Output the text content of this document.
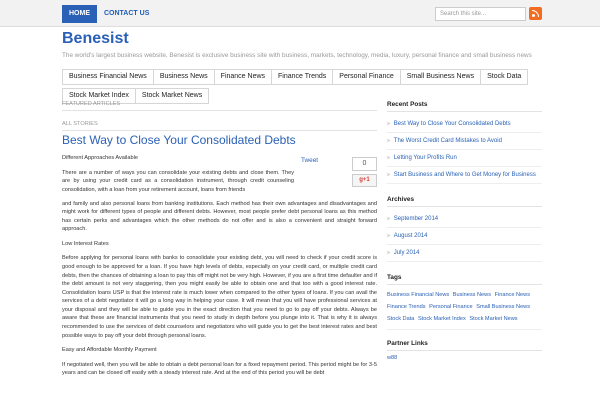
HOME	CONTACT US	Search this site...
Benesist
The world's largest business website, Benesist is exclusive business site with business, markets, technology, media, luxury, personal finance and small business news
Business Financial News	Business News	Finance News	Finance Trends	Personal Finance	Small Business News	Stock Data
Stock Market Index	Stock Market News
FEATURED ARTICLES
ALL STORIES
Best Way to Close Your Consolidated Debts
Tweet	0
g+1

Different Approaches Available

There are a number of ways you can consolidate your existing debts and close them. They are by using your credit card as a consolidation instrument, through credit counseling consolidation, with a loan from your retirement account, loans from friends

and family and also personal loans from banking institutions. Each method has their own advantages and disadvantages and might work for different types of people and different debts. However, most people prefer debt personal loans as this method has certain perks and advantages which the other methods do not offer and is also a convenient and straight forward approach.

Low Interest Rates

Before applying for personal loans with banks to consolidate your existing debt, you will need to check if your credit score is good enough to be approved for a loan. If you have high levels of debts, especially on your credit card, or multiple credit card debts, then the chances of obtaining a loan to pay this off might not be very high. However, if you are a first time defaulter and if the debt amount is not very staggering, then you might easily be able to obtain one and that too with a good interest rate. Consolidation loans USP is that the interest rate is much lower when compared to the other types of loans. If you can avail the services of a debt negotiator it will go a long way in helping your case. It will mean that you will have professional services at your disposal and they will be able to guide you in the exact direction that you need to go to pay off your debts. Always be aware that these are financial instruments that you need to study in depth before you plunge into it. That is why it is always recommended to use the services of debt counselors and negotiators who will guide you to get the best interest rates and best possible ways to pay off your debt through personal loans.

Easy and Affordable Monthly Payment

If negotiated well, then you will be able to obtain a debt personal loan for a fixed repayment period. This period might be for 3-5 years and can be closed off easily with a steady interest rate. And at the end of this period you will be debt

Recent Posts
» Best Way to Close Your Consolidated Debts
» The Worst Credit Card Mistakes to Avoid
» Letting Your Profits Run
» Start Business and Where to Get Money for Business
Archives
» September 2014
» August 2014
» July 2014
Tags
Business Financial News Business News Finance News Finance Trends Personal Finance Small Business News Stock Data Stock Market Index Stock Market News
Partner Links
w88
